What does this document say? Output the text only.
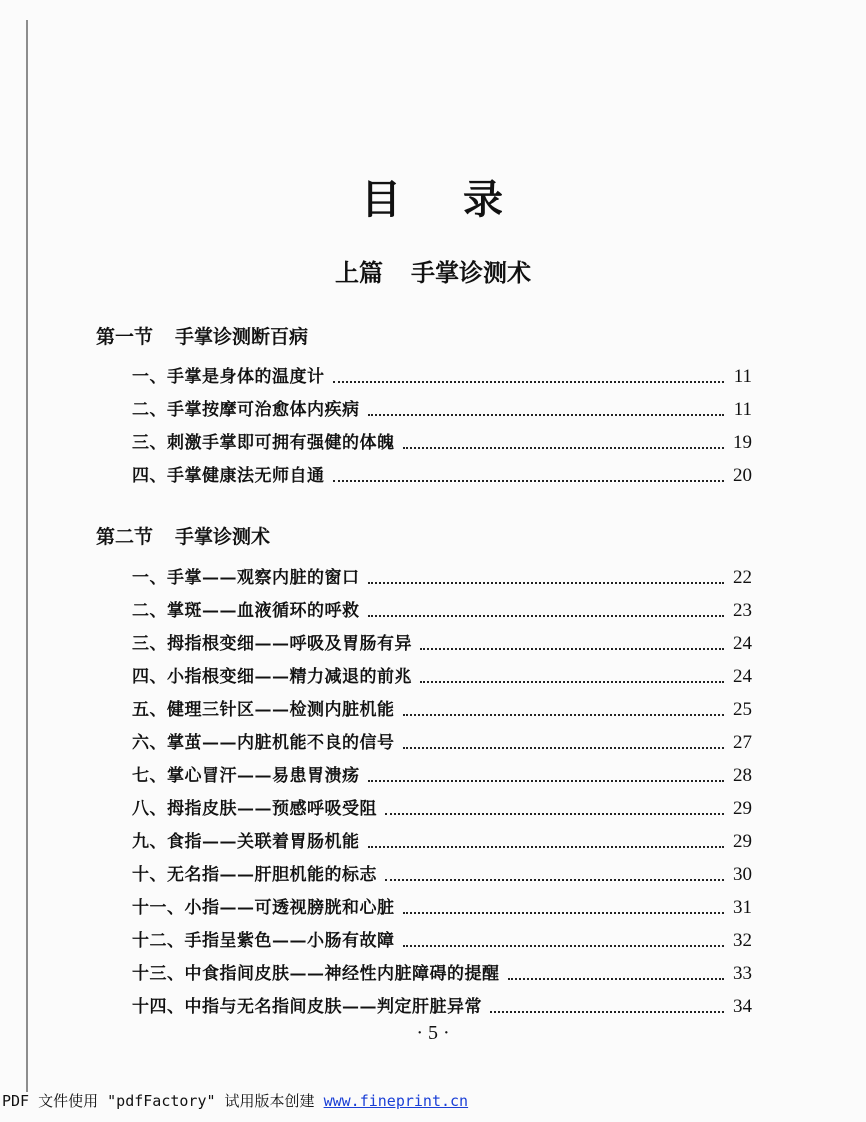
目 录
上篇 手掌诊测术
第一节 手掌诊测断百病
一、手掌是身体的温度计	11
二、手掌按摩可治愈体内疾病	11
三、刺激手掌即可拥有强健的体魄	19
四、手掌健康法无师自通	20
第二节 手掌诊测术
一、手掌——观察内脏的窗口	22
二、掌斑——血液循环的呼救	23
三、拇指根变细——呼吸及胃肠有异	24
四、小指根变细——精力减退的前兆	24
五、健理三针区——检测内脏机能	25
六、掌茧——内脏机能不良的信号	27
七、掌心冒汗——易患胃溃疡	28
八、拇指皮肤——预感呼吸受阻	29
九、食指——关联着胃肠机能	29
十、无名指——肝胆机能的标志	30
十一、小指——可透视膀胱和心脏	31
十二、手指呈紫色——小肠有故障	32
十三、中食指间皮肤——神经性内脏障碍的提醒	33
十四、中指与无名指间皮肤——判定肝脏异常	34
· 5 ·
PDF 文件使用 "pdfFactory" 试用版本创建 www.fineprint.cn
